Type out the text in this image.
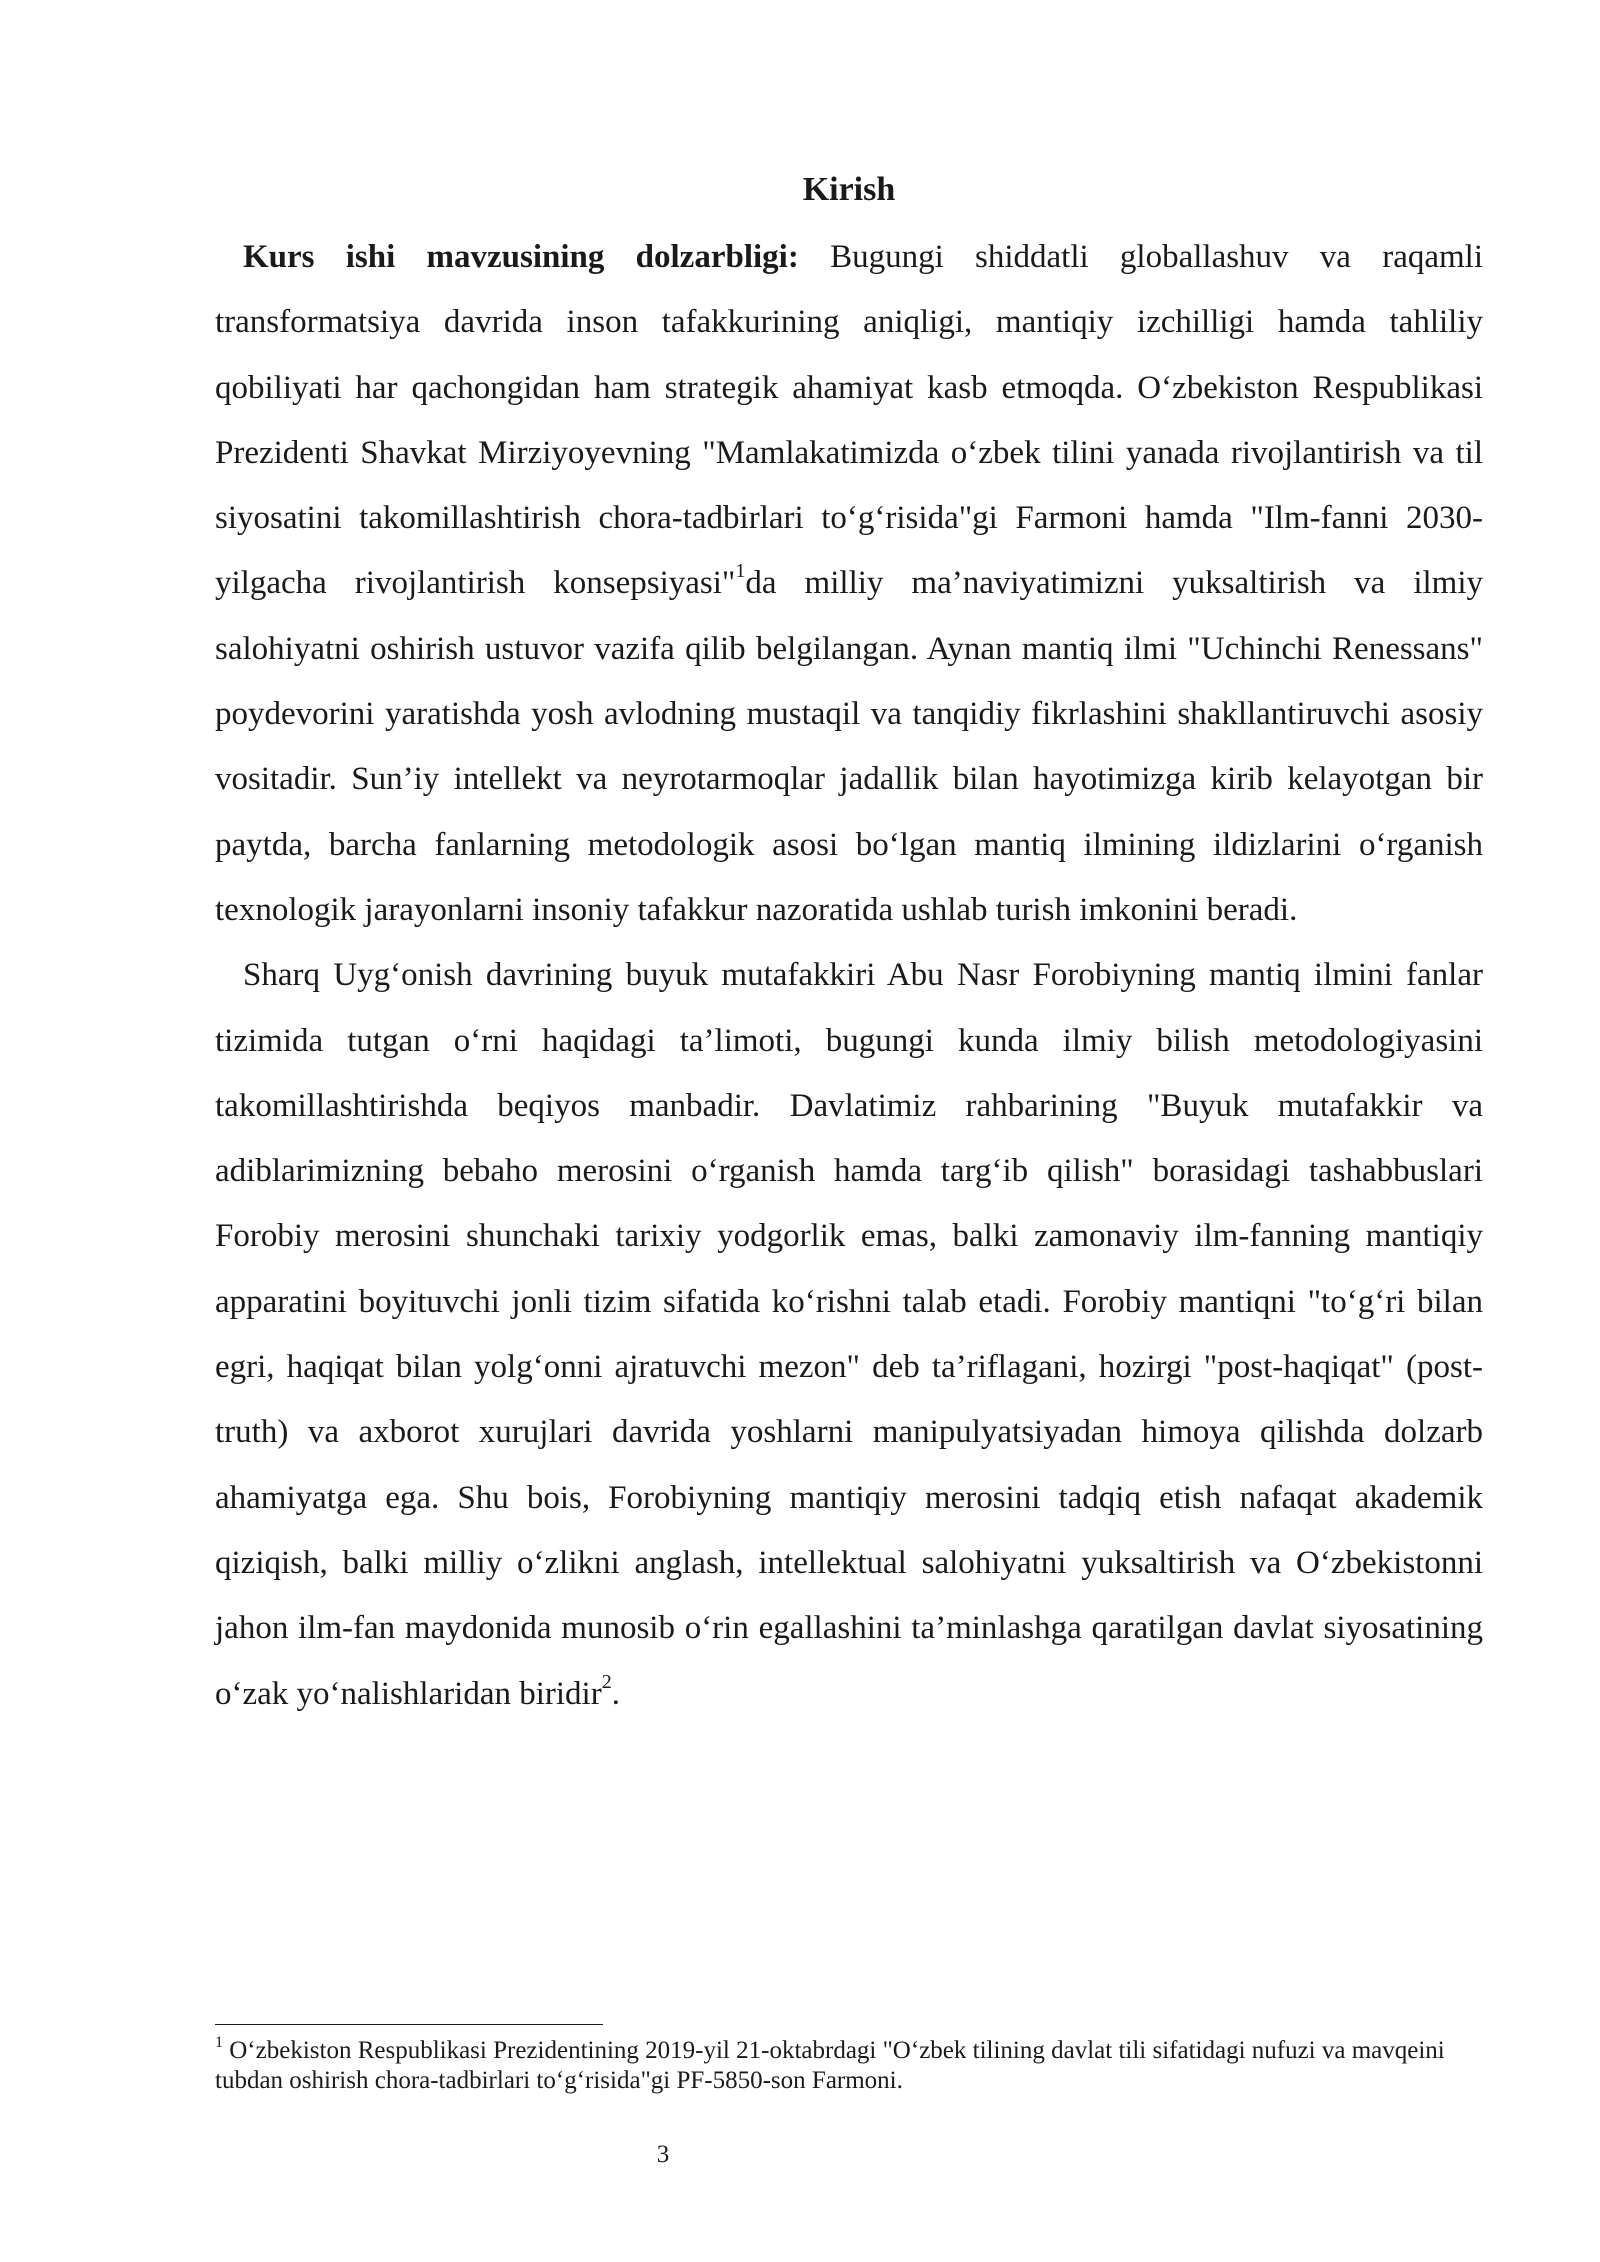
Kirish

Kurs ishi mavzusining dolzarbligi: Bugungi shiddatli globallashuv va raqamli transformatsiya davrida inson tafakkurining aniqligi, mantiqiy izchilligi hamda tahliliy qobiliyati har qachongidan ham strategik ahamiyat kasb etmoqda. O‘zbekiston Respublikasi Prezidenti Shavkat Mirziyoyevning "Mamlakatimizda o‘zbek tilini yanada rivojlantirish va til siyosatini takomillashtirish chora-tadbirlari to‘g‘risida"gi Farmoni hamda "Ilm-fanni 2030-yilgacha rivojlantirish konsepsiyasi"$^1$da milliy ma’naviyatimizni yuksaltirish va ilmiy salohiyatni oshirish ustuvor vazifa qilib belgilangan. Aynan mantiq ilmi "Uchinchi Renessans" poydevorini yaratishda yosh avlodning mustaqil va tanqidiy fikrlashini shakllantiruvchi asosiy vositadir. Sun’iy intellekt va neyrotarmoqlar jadallik bilan hayotimizga kirib kelayotgan bir paytda, barcha fanlarning metodologik asosi bo‘lgan mantiq ilmining ildizlarini o‘rganish texnologik jarayonlarni insoniy tafakkur nazoratida ushlab turish imkonini beradi.

Sharq Uyg‘onish davrining buyuk mutafakkiri Abu Nasr Forobiyning mantiq ilmini fanlar tizimida tutgan o‘rni haqidagi ta’limoti, bugungi kunda ilmiy bilish metodologiyasini takomillashtirishda beqiyos manbadir. Davlatimiz rahbarining "Buyuk mutafakkir va adiblarimizning bebaho merosini o‘rganish hamda targ‘ib qilish" borasidagi tashabbuslari Forobiy merosini shunchaki tarixiy yodgorlik emas, balki zamonaviy ilm-fanning mantiqiy apparatini boyituvchi jonli tizim sifatida ko‘rishni talab etadi. Forobiy mantiqni "to‘g‘ri bilan egri, haqiqat bilan yolg‘onni ajratuvchi mezon" deb ta’riflagani, hozirgi "post-haqiqat" (post-truth) va axborot xurujlari davrida yoshlarni manipulyatsiyadan himoya qilishda dolzarb ahamiyatga ega. Shu bois, Forobiyning mantiqiy merosini tadqiq etish nafaqat akademik qiziqish, balki milliy o‘zlikni anglash, intellektual salohiyatni yuksaltirish va O‘zbekistonni jahon ilm-fan maydonida munosib o‘rin egallashini ta’minlashga qaratilgan davlat siyosatining o‘zak yo‘nalishlaridan biridir$^2$.

$^1$ O‘zbekiston Respublikasi Prezidentining 2019-yil 21-oktabrdagi "O‘zbek tilining davlat tili sifatidagi nufuzi va mavqeini tubdan oshirish chora-tadbirlari to‘g‘risida"gi PF-5850-son Farmoni.

3
